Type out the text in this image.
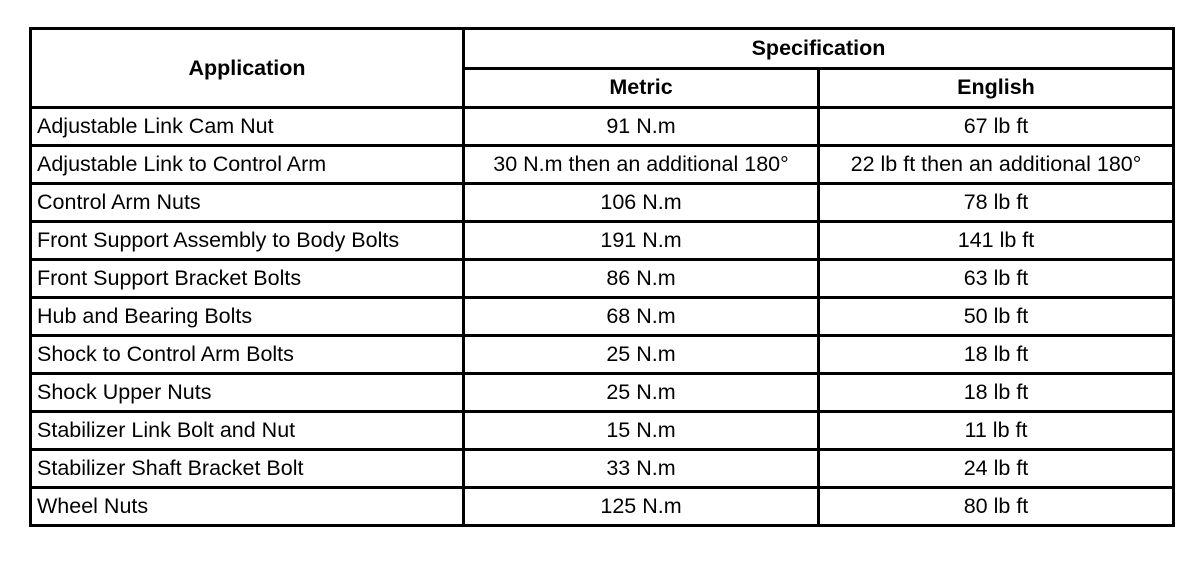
Application	Specification	
	Metric	English
Adjustable Link Cam Nut	91 N.m	67 lb ft
Adjustable Link to Control Arm	30 N.m then an additional 180°	22 lb ft then an additional 180°
Control Arm Nuts	106 N.m	78 lb ft
Front Support Assembly to Body Bolts	191 N.m	141 lb ft
Front Support Bracket Bolts	86 N.m	63 lb ft
Hub and Bearing Bolts	68 N.m	50 lb ft
Shock to Control Arm Bolts	25 N.m	18 lb ft
Shock Upper Nuts	25 N.m	18 lb ft
Stabilizer Link Bolt and Nut	15 N.m	11 lb ft
Stabilizer Shaft Bracket Bolt	33 N.m	24 lb ft
Wheel Nuts	125 N.m	80 lb ft
